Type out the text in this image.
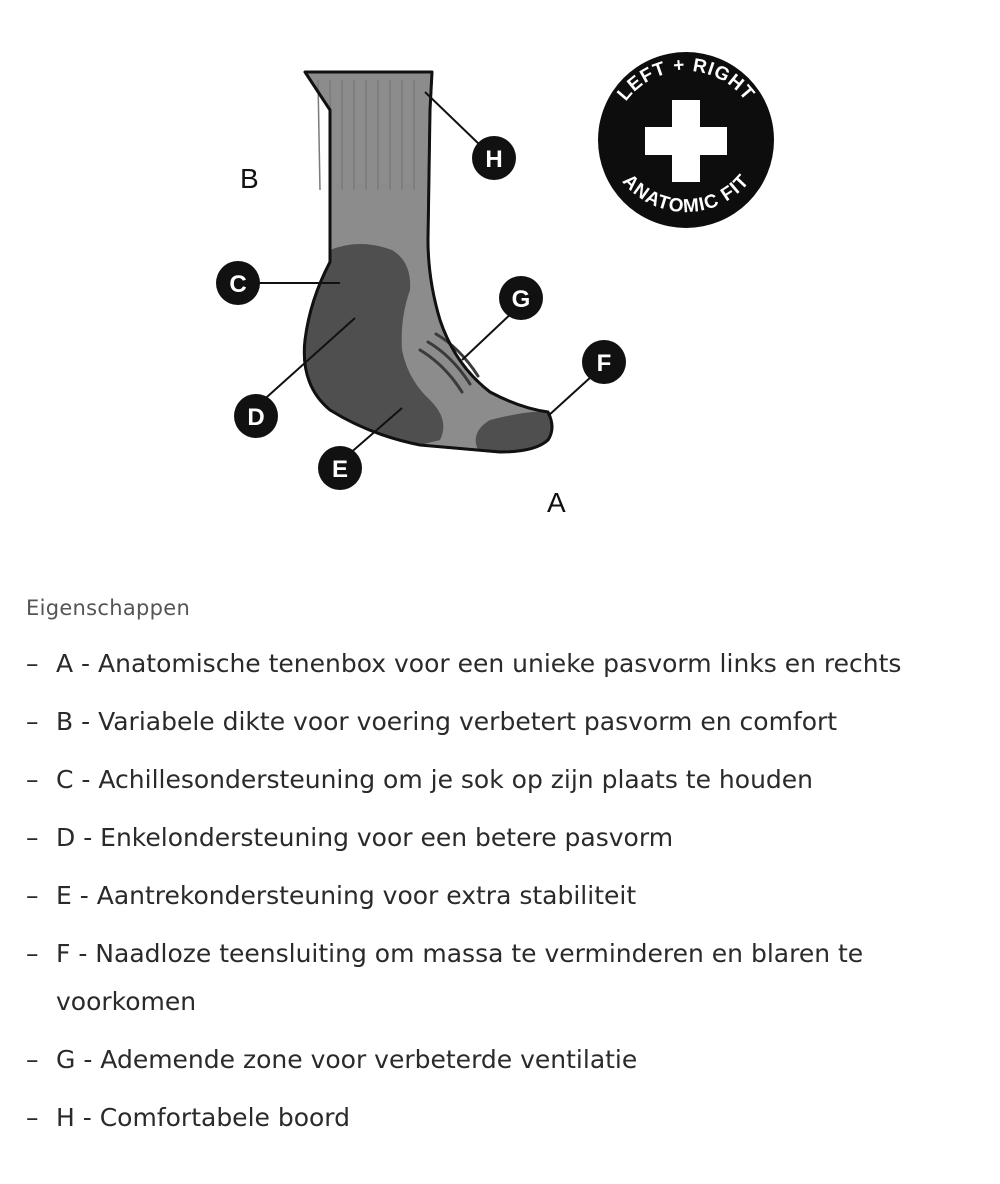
B
A
H
C
G
F
D
E
LEFT + RIGHT
ANATOMIC FIT
Eigenschappen
– A - Anatomische tenenbox voor een unieke pasvorm links en rechts
– B - Variabele dikte voor voering verbetert pasvorm en comfort
– C - Achillesondersteuning om je sok op zijn plaats te houden
– D - Enkelondersteuning voor een betere pasvorm
– E - Aantrekondersteuning voor extra stabiliteit
– F - Naadloze teensluiting om massa te verminderen en blaren te voorkomen
– G - Ademende zone voor verbeterde ventilatie
– H - Comfortabele boord
